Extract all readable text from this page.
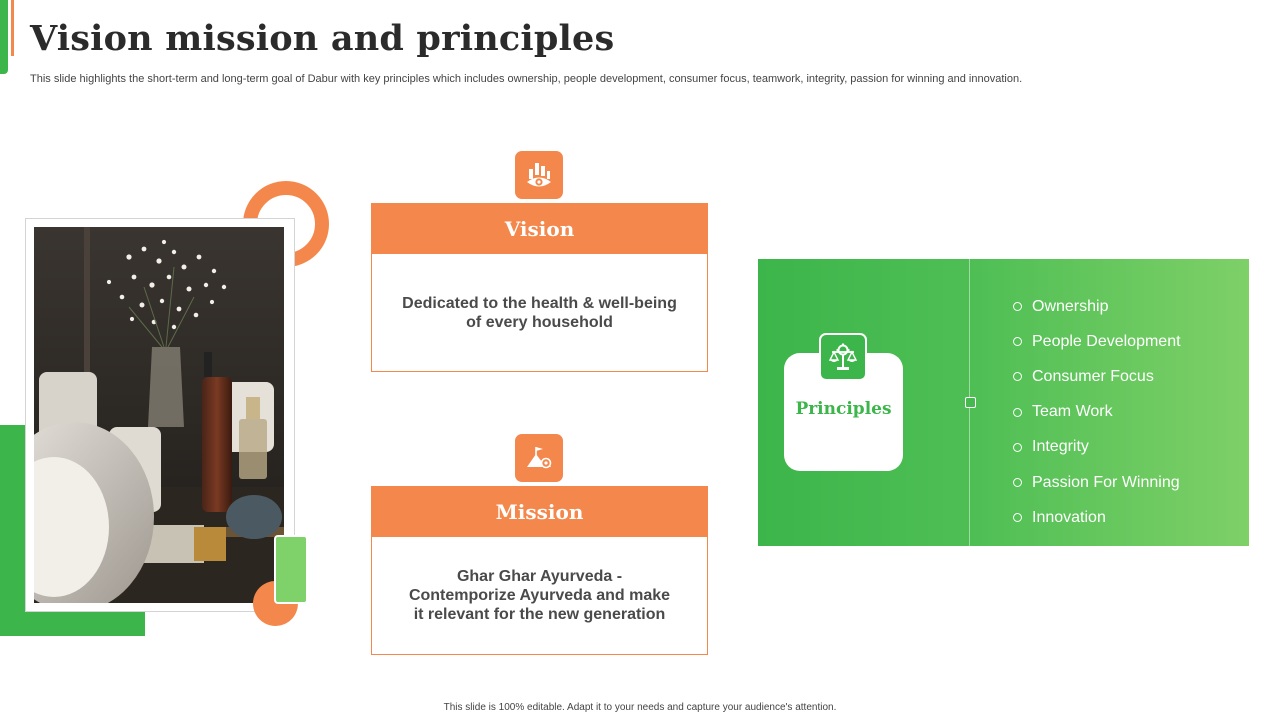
Vision mission and principles

This slide highlights the short-term and long-term goal of Dabur with key principles which includes ownership, people development, consumer focus, teamwork, integrity, passion for winning and innovation.

Vision
Dedicated to the health & well-being of every household
Mission
Ghar Ghar Ayurveda - Contemporize Ayurveda and make it relevant for the new generation
Principles
Ownership
People Development
Consumer Focus
Team Work
Integrity
Passion For Winning
Innovation
This slide is 100% editable. Adapt it to your needs and capture your audience's attention.
